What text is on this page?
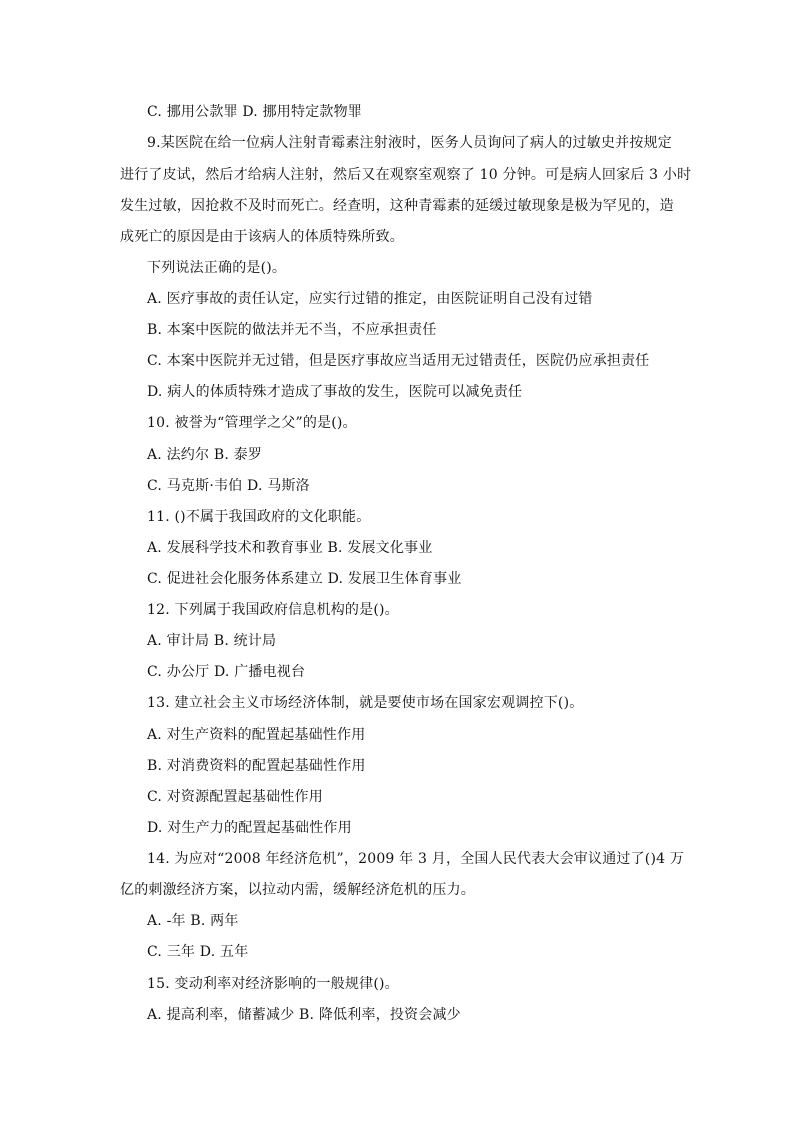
C. 挪用公款罪 D. 挪用特定款物罪
9.某医院在给一位病人注射青霉素注射液时，医务人员询问了病人的过敏史并按规定
进行了皮试，然后才给病人注射，然后又在观察室观察了 10 分钟。可是病人回家后 3 小时
发生过敏，因抢救不及时而死亡。经查明，这种青霉素的延缓过敏现象是极为罕见的，造
成死亡的原因是由于该病人的体质特殊所致。
下列说法正确的是()。
A. 医疗事故的责任认定，应实行过错的推定，由医院证明自己没有过错
B. 本案中医院的做法并无不当，不应承担责任
C. 本案中医院并无过错，但是医疗事故应当适用无过错责任，医院仍应承担责任
D. 病人的体质特殊才造成了事故的发生，医院可以减免责任
10. 被誉为“管理学之父”的是()。
A. 法约尔 B. 泰罗
C. 马克斯·韦伯 D. 马斯洛
11. ()不属于我国政府的文化职能。
A. 发展科学技术和教育事业 B. 发展文化事业
C. 促进社会化服务体系建立 D. 发展卫生体育事业
12. 下列属于我国政府信息机构的是()。
A. 审计局 B. 统计局
C. 办公厅 D. 广播电视台
13. 建立社会主义市场经济体制，就是要使市场在国家宏观调控下()。
A. 对生产资料的配置起基础性作用
B. 对消费资料的配置起基础性作用
C. 对资源配置起基础性作用
D. 对生产力的配置起基础性作用
14. 为应对“2008 年经济危机”，2009 年 3 月，全国人民代表大会审议通过了()4 万
亿的刺激经济方案，以拉动内需，缓解经济危机的压力。
A. -年 B. 两年
C. 三年 D. 五年
15. 变动利率对经济影响的一般规律()。
A. 提高利率，储蓄减少 B. 降低利率，投资会减少
